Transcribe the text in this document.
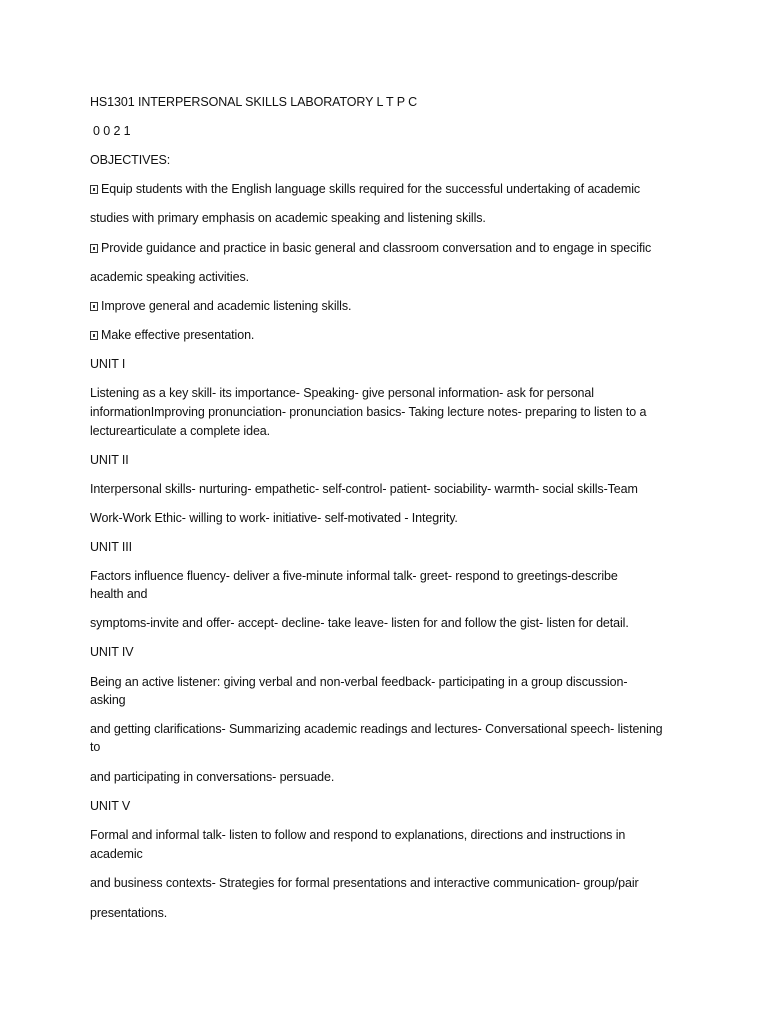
HS1301 INTERPERSONAL SKILLS LABORATORY L T P C
0 0 2 1
OBJECTIVES:
Equip students with the English language skills required for the successful undertaking of academic
studies with primary emphasis on academic speaking and listening skills.
Provide guidance and practice in basic general and classroom conversation and to engage in specific
academic speaking activities.
Improve general and academic listening skills.
Make effective presentation.
UNIT I
Listening as a key skill- its importance- Speaking- give personal information- ask for personal
informationImproving pronunciation- pronunciation basics- Taking lecture notes- preparing to listen to a
lecturearticulate a complete idea.
UNIT II
Interpersonal skills- nurturing- empathetic- self-control- patient- sociability- warmth- social skills-Team
Work-Work Ethic- willing to work- initiative- self-motivated - Integrity.
UNIT III
Factors influence fluency- deliver a five-minute informal talk- greet- respond to greetings-describe
health and
symptoms-invite and offer- accept- decline- take leave- listen for and follow the gist- listen for detail.
UNIT IV
Being an active listener: giving verbal and non-verbal feedback- participating in a group discussion-
asking
and getting clarifications- Summarizing academic readings and lectures- Conversational speech- listening
to
and participating in conversations- persuade.
UNIT V
Formal and informal talk- listen to follow and respond to explanations, directions and instructions in
academic
and business contexts- Strategies for formal presentations and interactive communication- group/pair
presentations.
